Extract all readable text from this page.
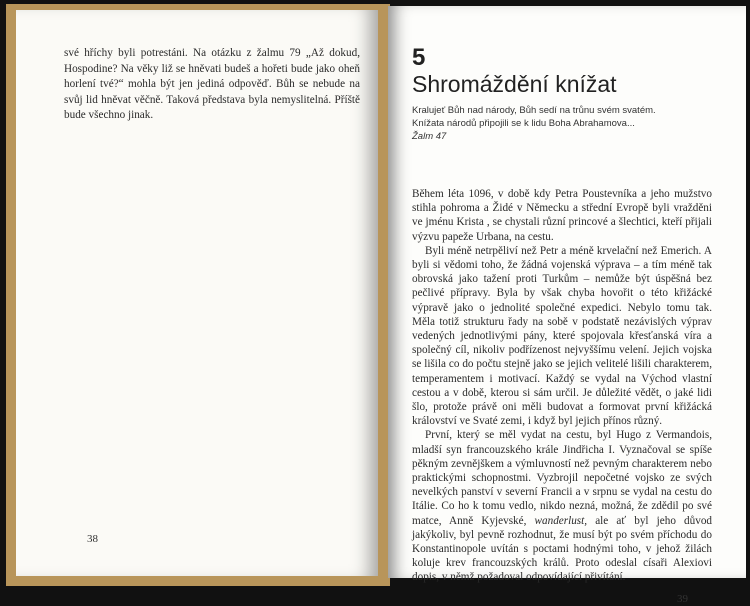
své hříchy byli potrestáni. Na otázku z žalmu 79 „Až dokud, Hospodine? Na věky liž se hněvati budeš a hořeti bude jako oheň horlení tvé?“ mohla být jen jediná odpověď. Bůh se nebude na svůj lid hněvat věčně. Taková představa byla nemyslitelná. Příště bude všechno jinak.
38
5
Shromáždění knížat
Kralujeť Bůh nad národy, Bůh sedí na trůnu svém svatém.
Knížata národů připojili se k lidu Boha Abrahamova...
Žalm 47

Během léta 1096, v době kdy Petra Poustevníka a jeho mužstvo stihla pohroma a Židé v Německu a střední Evropě byli vražděni ve jménu Krista , se chystali různí princové a šlechtici, kteří přijali výzvu papeže Urbana, na cestu.

Byli méně netrpěliví než Petr a méně krvelační než Emerich. A byli si vědomi toho, že žádná vojenská výprava – a tím méně tak obrovská jako tažení proti Turkům – nemůže být úspěšná bez pečlivé přípravy. Byla by však chyba hovořit o této křižácké výpravě jako o jednolité společné expedici. Nebylo tomu tak. Měla totiž strukturu řady na sobě v podstatě nezávislých výprav vedených jednotlivými pány, které spojovala křesťanská víra a společný cíl, nikoliv podřízenost nejvyššímu velení. Jejich vojska se lišila co do počtu stejně jako se jejich velitelé lišili charakterem, temperamentem i motivací. Každý se vydal na Východ vlastní cestou a v době, kterou si sám určil. Je důležité vědět, o jaké lidi šlo, protože právě oni měli budovat a formovat první křižácká království ve Svaté zemi, i když byl jejich přínos různý.

První, který se měl vydat na cestu, byl Hugo z Vermandois, mladší syn francouzského krále Jindřicha I. Vyznačoval se spíše pěkným zevnějškem a výmluvností než pevným charakterem nebo praktickými schopnostmi. Vyzbrojil nepočetné vojsko ze svých nevelkých panství v severní Francii a v srpnu se vydal na cestu do Itálie. Co ho k tomu vedlo, nikdo nezná, možná, že zdědil po své matce, Anně Kyjevské, wanderlust, ale ať byl jeho důvod jakýkoliv, byl pevně rozhodnut, že musí být po svém příchodu do Konstantinopole uvítán s poctami hodnými toho, v jehož žilách koluje krev francouzských králů. Proto odeslal císaři Alexiovi dopis, v němž požadoval odpovídající přivítání.

39
